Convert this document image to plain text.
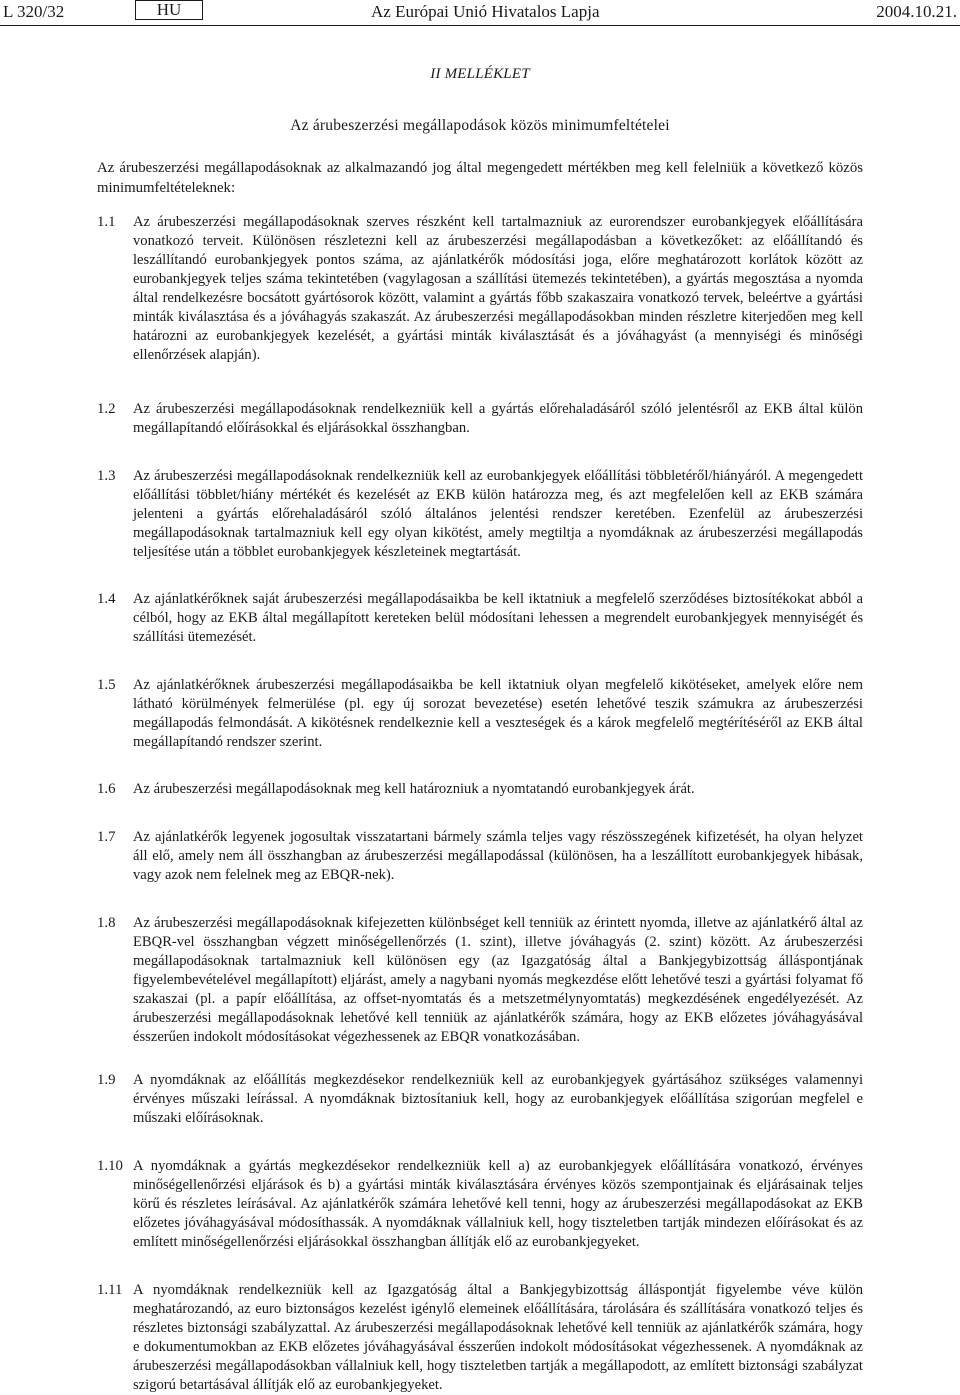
L 320/32	HU	Az Európai Unió Hivatalos Lapja	2004.10.21.
II MELLÉKLET
Az árubeszerzési megállapodások közös minimumfeltételei

Az árubeszerzési megállapodásoknak az alkalmazandó jog által megengedett mértékben meg kell felelniük a következő közös minimumfeltételeknek:

1.1	Az árubeszerzési megállapodásoknak szerves részként kell tartalmazniuk az eurorendszer eurobankjegyek előállítására vonatkozó terveit. Különösen részletezni kell az árubeszerzési megállapodásban a következőket: az előállítandó és leszállítandó eurobankjegyek pontos száma, az ajánlatkérők módosítási joga, előre meghatározott korlátok között az eurobankjegyek teljes száma tekintetében (vagylagosan a szállítási ütemezés tekintetében), a gyártás megosztása a nyomda által rendelkezésre bocsátott gyártósorok között, valamint a gyártás főbb szakaszaira vonatkozó tervek, beleértve a gyártási minták kiválasztása és a jóváhagyás szakaszát. Az árubeszerzési megállapodásokban minden részletre kiterjedően meg kell határozni az eurobankjegyek kezelését, a gyártási minták kiválasztását és a jóváhagyást (a mennyiségi és minőségi ellenőrzések alapján).

1.2	Az árubeszerzési megállapodásoknak rendelkezniük kell a gyártás előrehaladásáról szóló jelentésről az EKB által külön megállapítandó előírásokkal és eljárásokkal összhangban.

1.3	Az árubeszerzési megállapodásoknak rendelkezniük kell az eurobankjegyek előállítási többletéről/hiányáról. A megengedett előállítási többlet/hiány mértékét és kezelését az EKB külön határozza meg, és azt megfelelően kell az EKB számára jelenteni a gyártás előrehaladásáról szóló általános jelentési rendszer keretében. Ezenfelül az árubeszerzési megállapodásoknak tartalmazniuk kell egy olyan kikötést, amely megtiltja a nyomdáknak az árubeszerzési megállapodás teljesítése után a többlet eurobankjegyek készleteinek megtartását.

1.4	Az ajánlatkérőknek saját árubeszerzési megállapodásaikba be kell iktatniuk a megfelelő szerződéses biztosítékokat abból a célból, hogy az EKB által megállapított kereteken belül módosítani lehessen a megrendelt eurobankjegyek mennyiségét és szállítási ütemezését.

1.5	Az ajánlatkérőknek árubeszerzési megállapodásaikba be kell iktatniuk olyan megfelelő kikötéseket, amelyek előre nem látható körülmények felmerülése (pl. egy új sorozat bevezetése) esetén lehetővé teszik számukra az árubeszerzési megállapodás felmondását. A kikötésnek rendelkeznie kell a veszteségek és a károk megfelelő megtérítéséről az EKB által megállapítandó rendszer szerint.

1.6	Az árubeszerzési megállapodásoknak meg kell határozniuk a nyomtatandó eurobankjegyek árát.

1.7	Az ajánlatkérők legyenek jogosultak visszatartani bármely számla teljes vagy részösszegének kifizetését, ha olyan helyzet áll elő, amely nem áll összhangban az árubeszerzési megállapodással (különösen, ha a leszállított eurobankjegyek hibásak, vagy azok nem felelnek meg az EBQR-nek).

1.8	Az árubeszerzési megállapodásoknak kifejezetten különbséget kell tenniük az érintett nyomda, illetve az ajánlatkérő által az EBQR-vel összhangban végzett minőségellenőrzés (1. szint), illetve jóváhagyás (2. szint) között. Az árubeszerzési megállapodásoknak tartalmazniuk kell különösen egy (az Igazgatóság által a Bankjegybizottság álláspontjának figyelembevételével megállapított) eljárást, amely a nagybani nyomás megkezdése előtt lehetővé teszi a gyártási folyamat fő szakaszai (pl. a papír előállítása, az offset-nyomtatás és a metszetmélynyomtatás) megkezdésének engedélyezését. Az árubeszerzési megállapodásoknak lehetővé kell tenniük az ajánlatkérők számára, hogy az EKB előzetes jóváhagyásával ésszerűen indokolt módosításokat végezhessenek az EBQR vonatkozásában.

1.9	A nyomdáknak az előállítás megkezdésekor rendelkezniük kell az eurobankjegyek gyártásához szükséges valamennyi érvényes műszaki leírással. A nyomdáknak biztosítaniuk kell, hogy az eurobankjegyek előállítása szigorúan megfelel e műszaki előírásoknak.

1.10 A nyomdáknak a gyártás megkezdésekor rendelkezniük kell a) az eurobankjegyek előállítására vonatkozó, érvényes minőségellenőrzési eljárások és b) a gyártási minták kiválasztására érvényes közös szempontjainak és eljárásainak teljes körű és részletes leírásával. Az ajánlatkérők számára lehetővé kell tenni, hogy az árubeszerzési megállapodásokat az EKB előzetes jóváhagyásával módosíthassák. A nyomdáknak vállalniuk kell, hogy tiszteletben tartják mindezen előírásokat és az említett minőségellenőrzési eljárásokkal összhangban állítják elő az eurobankjegyeket.

1.11 A nyomdáknak rendelkezniük kell az Igazgatóság által a Bankjegybizottság álláspontját figyelembe véve külön meghatározandó, az euro biztonságos kezelést igénylő elemeinek előállítására, tárolására és szállítására vonatkozó teljes és részletes biztonsági szabályzattal. Az árubeszerzési megállapodásoknak lehetővé kell tenniük az ajánlatkérők számára, hogy e dokumentumokban az EKB előzetes jóváhagyásával ésszerűen indokolt módosításokat végezhessenek. A nyomdáknak az árubeszerzési megállapodásokban vállalniuk kell, hogy tiszteletben tartják a megállapodott, az említett biztonsági szabályzat szigorú betartásával állítják elő az eurobankjegyeket.
